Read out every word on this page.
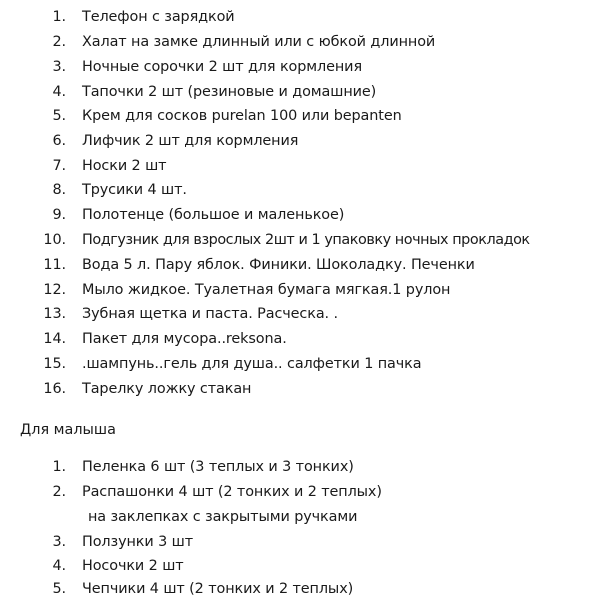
1. Телефон с зарядкой
2. Халат на замке длинный или с юбкой длинной
3. Ночные сорочки 2 шт для кормления
4. Тапочки 2 шт (резиновые и домашние)
5. Крем для сосков purelan 100 или bepanten
6. Лифчик 2 шт для кормления
7. Носки 2 шт
8. Трусики 4 шт.
9. Полотенце (большое и маленькое)
10. Подгузник для взрослых 2шт и 1 упаковку ночных прокладок
11. Вода 5 л. Пару яблок. Финики. Шоколадку. Печенки
12. Мыло жидкое. Туалетная бумага мягкая.1 рулон
13. Зубная щетка и паста. Расческа. .
14. Пакет для мусора..reksona.
15. .шампунь..гель для душа.. салфетки 1 пачка
16. Тарелку ложку стакан
Для малыша
1. Пеленка 6 шт (3 теплых и 3 тонких)
2. Распашонки 4 шт (2 тонких и 2 теплых)
на заклепках с закрытыми ручками
3. Ползунки 3 шт
4. Носочки 2 шт
5. Чепчики 4 шт (2 тонких и 2 теплых)
